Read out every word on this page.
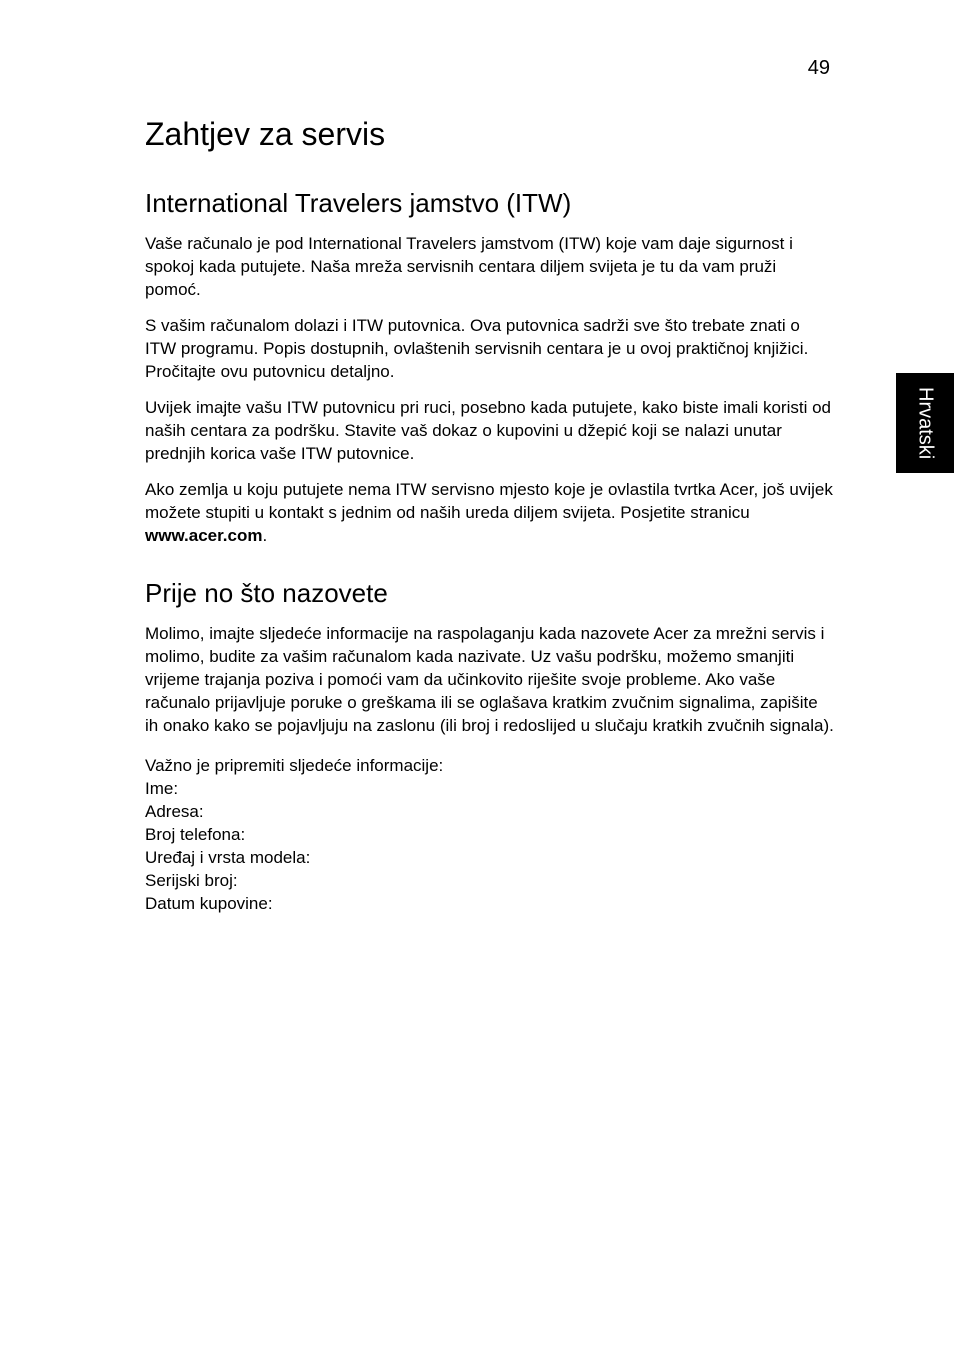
49
Hrvatski
Zahtjev za servis
International Travelers jamstvo (ITW)

Vaše računalo je pod International Travelers jamstvom (ITW) koje vam daje sigurnost i spokoj kada putujete. Naša mreža servisnih centara diljem svijeta je tu da vam pruži pomoć.

S vašim računalom dolazi i ITW putovnica. Ova putovnica sadrži sve što trebate znati o ITW programu. Popis dostupnih, ovlaštenih servisnih centara je u ovoj praktičnoj knjižici. Pročitajte ovu putovnicu detaljno.

Uvijek imajte vašu ITW putovnicu pri ruci, posebno kada putujete, kako biste imali koristi od naših centara za podršku. Stavite vaš dokaz o kupovini u džepić koji se nalazi unutar prednjih korica vaše ITW putovnice.

Ako zemlja u koju putujete nema ITW servisno mjesto koje je ovlastila tvrtka Acer, još uvijek možete stupiti u kontakt s jednim od naših ureda diljem svijeta. Posjetite stranicu www.acer.com.

Prije no što nazovete

Molimo, imajte sljedeće informacije na raspolaganju kada nazovete Acer za mrežni servis i molimo, budite za vašim računalom kada nazivate. Uz vašu podršku, možemo smanjiti vrijeme trajanja poziva i pomoći vam da učinkovito riješite svoje probleme. Ako vaše računalo prijavljuje poruke o greškama ili se oglašava kratkim zvučnim signalima, zapišite ih onako kako se pojavljuju na zaslonu (ili broj i redoslijed u slučaju kratkih zvučnih signala).

Važno je pripremiti sljedeće informacije:
Ime:
Adresa:
Broj telefona:
Uređaj i vrsta modela:
Serijski broj:
Datum kupovine:
